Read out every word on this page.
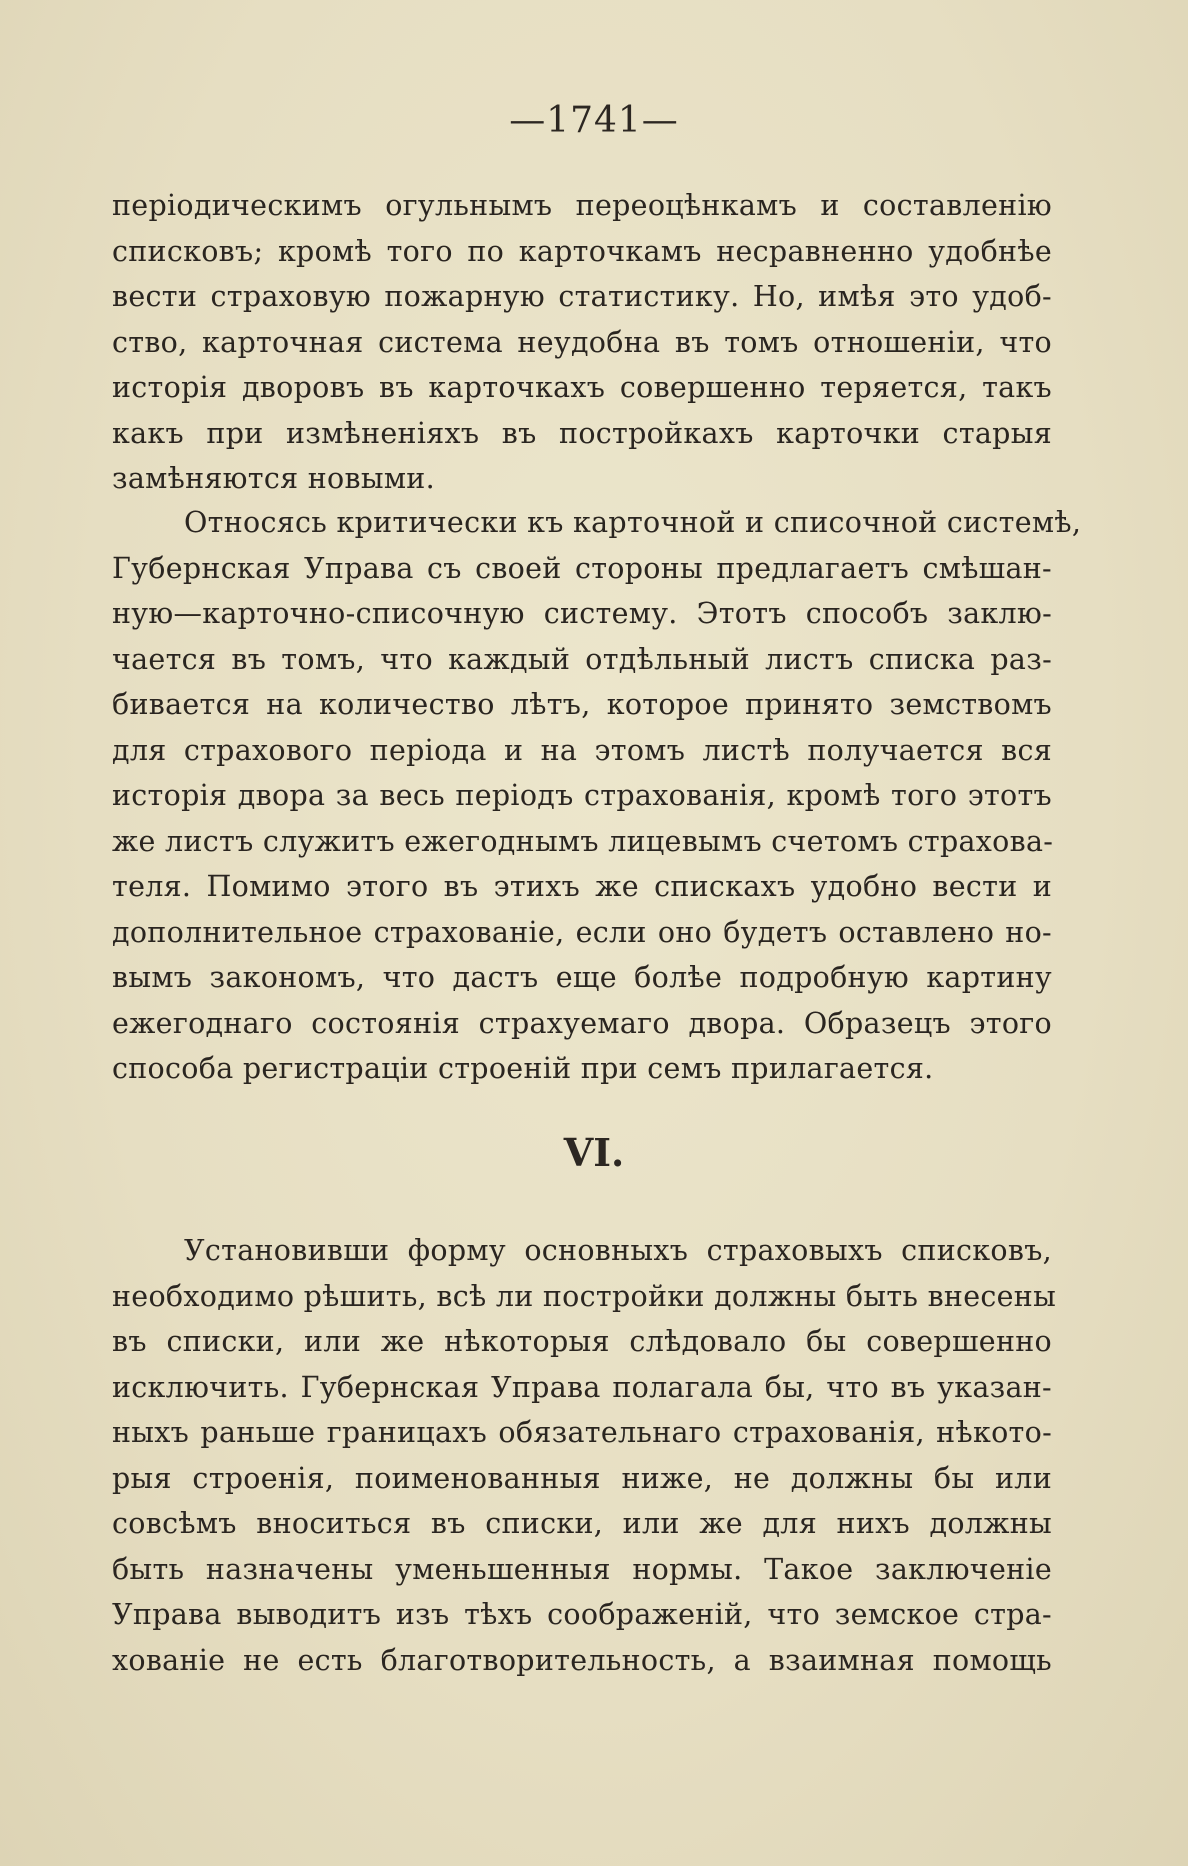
—1741—
періодическимъ огульнымъ переоцѣнкамъ и составленію
списковъ; кромѣ того по карточкамъ несравненно удобнѣе
вести страховую пожарную статистику. Но, имѣя это удоб-
ство, карточная система неудобна въ томъ отношеніи, что
исторія дворовъ въ карточкахъ совершенно теряется, такъ
какъ при измѣненіяхъ въ постройкахъ карточки старыя
замѣняются новыми.
Относясь критически къ карточной и списочной системѣ,
Губернская Управа съ своей стороны предлагаетъ смѣшан-
ную—карточно-списочную систему. Этотъ способъ заклю-
чается въ томъ, что каждый отдѣльный листъ списка раз-
бивается на количество лѣтъ, которое принято земствомъ
для страхового періода и на этомъ листѣ получается вся
исторія двора за весь періодъ страхованія, кромѣ того этотъ
же листъ служитъ ежегоднымъ лицевымъ счетомъ страхова-
теля. Помимо этого въ этихъ же спискахъ удобно вести и
дополнительное страхованіе, если оно будетъ оставлено но-
вымъ закономъ, что дастъ еще болѣе подробную картину
ежегоднаго состоянія страхуемаго двора. Образецъ этого
способа регистраціи строеній при семъ прилагается.
VI.
Установивши форму основныхъ страховыхъ списковъ,
необходимо рѣшить, всѣ ли постройки должны быть внесены
въ списки, или же нѣкоторыя слѣдовало бы совершенно
исключить. Губернская Управа полагала бы, что въ указан-
ныхъ раньше границахъ обязательнаго страхованія, нѣкото-
рыя строенія, поименованныя ниже, не должны бы или
совсѣмъ вноситься въ списки, или же для нихъ должны
быть назначены уменьшенныя нормы. Такое заключеніе
Управа выводитъ изъ тѣхъ соображеній, что земское стра-
хованіе не есть благотворительность, а взаимная помощь
